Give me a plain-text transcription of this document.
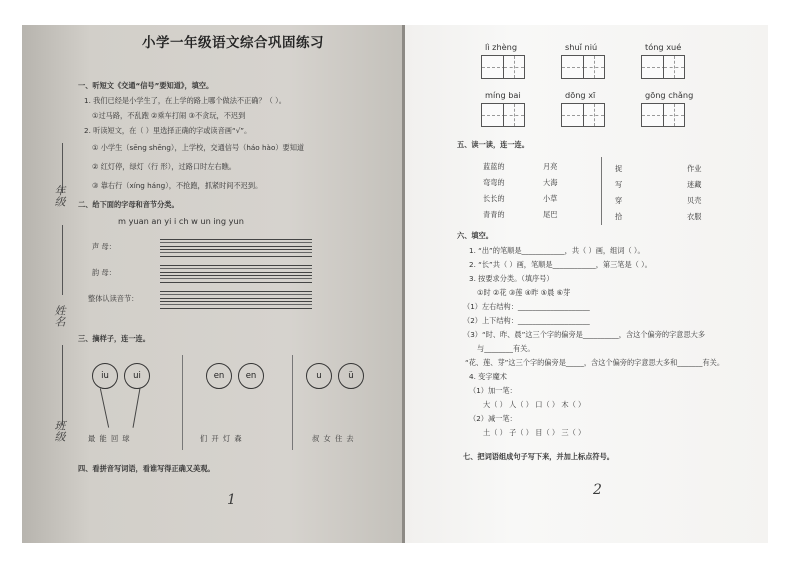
小学一年级语文综合巩固练习
一、听短文《交通“信号”要知道》，填空。
1. 我们已经是小学生了，在上学的路上哪个做法不正确？（ ）。
①过马路，不乱跑 ②乘车打闹 ③不贪玩，不迟到
2. 听读短文，在（ ）里选择正确的字或读音画“√”。
① 小学生（sēng shēng），上学校，交通信号（háo hào）要知道
② 红灯停，绿灯（行 形），过路口时左右瞧。
③ 靠右行（xíng háng），不抢跑，抓紧时间不迟到。
二、给下面的字母和音节分类。
m yuan an yi i ch w un ing yun
声 母：
韵 母：
整体认读音节：
三、摘样子，连一连。
iu	ui
最 能 回 球
en	en
们 开 灯 森
u	ü
叔 女 住 去
四、看拼音写词语，看谁写得正确又美观。
年级
姓名
班级
1
lì zhèng	shuǐ niú	tóng xué
míng bai	dōng xī	gōng chǎng
五、读一读，连一连。
蓝蓝的
弯弯的
长长的
青青的
月亮
大海
小草
尾巴
捉
写
穿
拾
作业
迷藏
贝壳
衣服
六、填空。
1. “出”的笔顺是____________，共（ ）画，组词（ ）。
2. “长”共（ ）画，笔顺是____________，第三笔是（ ）。
3. 按要求分类。（填序号）
①时 ②花 ③莲 ④昨 ⑤晨 ⑥芽
（1）左右结构：____________________
（2）上下结构：____________________
（3）“时、昨、晨”这三个字的偏旁是__________，含这个偏旁的字意思大多
与________有关。
“花、莲、芽”这三个字的偏旁是_____，含这个偏旁的字意思大多和_______有关。
4. 变字魔术
（1）加一笔：
大（ ） 人（ ） 口（ ） 木（ ）
（2）减一笔：
土（ ） 子（ ） 目（ ） 三（ ）
七、把词语组成句子写下来，并加上标点符号。
2
